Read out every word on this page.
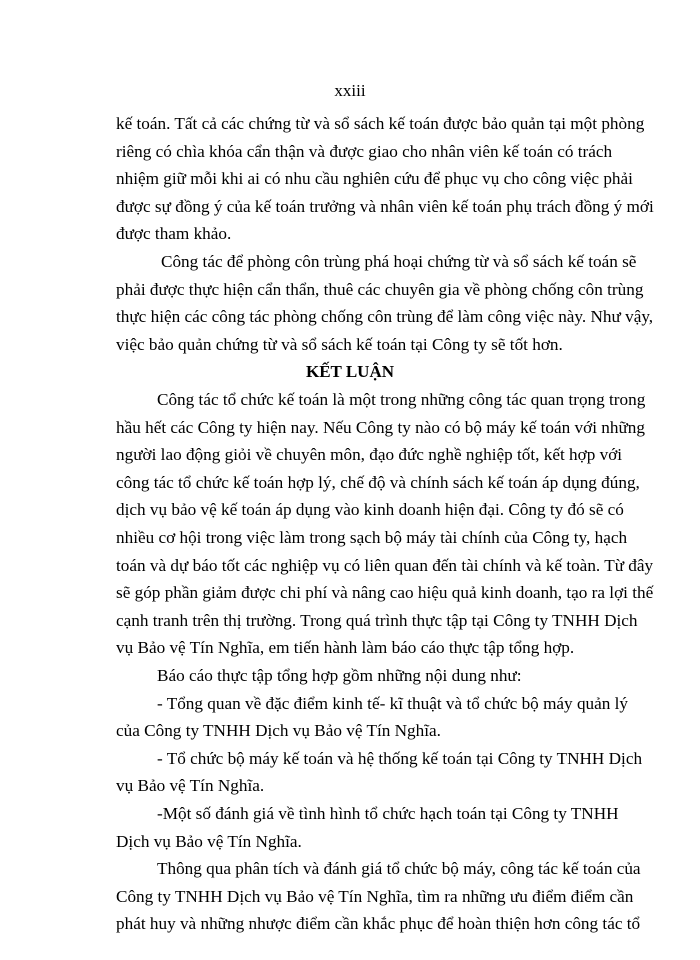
xxiii
kế toán. Tất cả các chứng từ và sổ sách kế toán được bảo quản tại một phòng
riêng có chìa khóa cẩn thận và được giao cho nhân viên kế toán có trách
nhiệm giữ mỗi khi ai có nhu cầu nghiên cứu để phục vụ cho công việc phải
được sự đồng ý của kế toán trưởng và nhân viên kế toán phụ trách đồng ý mới
được tham khảo.
Công tác để phòng côn trùng phá hoại chứng từ và sổ sách kế toán sẽ
phải được thực hiện cẩn thẩn, thuê các chuyên gia về phòng chống côn trùng
thực hiện các công tác phòng chống côn trùng để làm công việc này. Như vậy,
việc bảo quản chứng từ và sổ sách kế toán tại Công ty sẽ tốt hơn.
KẾT LUẬN
Công tác tổ chức kế toán là một trong những công tác quan trọng trong
hầu hết các Công ty hiện nay. Nếu Công ty nào có bộ máy kế toán với những
người lao động giỏi về chuyên môn, đạo đức nghề nghiệp tốt, kết hợp với
công tác tổ chức kế toán hợp lý, chế độ và chính sách kế toán áp dụng đúng,
dịch vụ bảo vệ kế toán áp dụng vào kinh doanh hiện đại. Công ty đó sẽ có
nhiều cơ hội trong việc làm trong sạch bộ máy tài chính của Công ty, hạch
toán và dự báo tốt các nghiệp vụ có liên quan đến tài chính và kế toàn. Từ đây
sẽ góp phần giảm được chi phí và nâng cao hiệu quả kinh doanh, tạo ra lợi thế
cạnh tranh trên thị trường. Trong quá trình thực tập tại Công ty TNHH Dịch
vụ Bảo vệ Tín Nghĩa, em tiến hành làm báo cáo thực tập tổng hợp.
Báo cáo thực tập tổng hợp gồm những nội dung như:
- Tổng quan về đặc điểm kinh tế- kĩ thuật và tổ chức bộ máy quản lý
của Công ty TNHH Dịch vụ Bảo vệ Tín Nghĩa.
- Tổ chức bộ máy kế toán và hệ thống kế toán tại Công ty TNHH Dịch
vụ Bảo vệ Tín Nghĩa.
-Một số đánh giá về tình hình tổ chức hạch toán tại Công ty TNHH
Dịch vụ Bảo vệ Tín Nghĩa.
Thông qua phân tích và đánh giá tổ chức bộ máy, công tác kế toán của
Công ty TNHH Dịch vụ Bảo vệ Tín Nghĩa, tìm ra những ưu điểm điểm cần
phát huy và những nhược điểm cần khắc phục để hoàn thiện hơn công tác tổ
